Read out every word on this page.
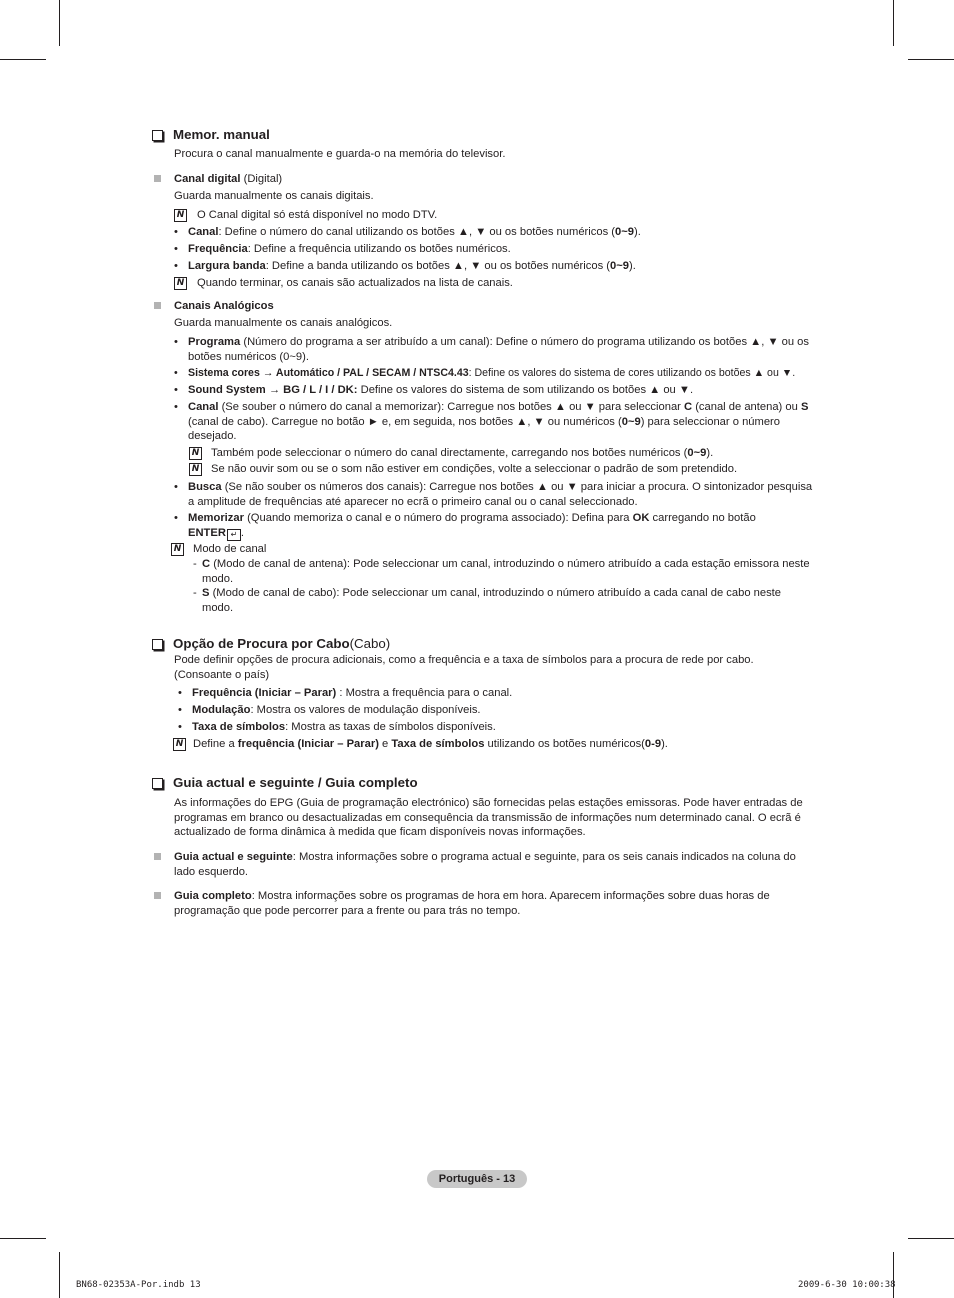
Memor. manual
Procura o canal manualmente e guarda-o na memória do televisor.
Canal digital (Digital)
Guarda manualmente os canais digitais.
N O Canal digital só está disponível no modo DTV.
• Canal: Define o número do canal utilizando os botões ▲, ▼ ou os botões numéricos (0~9).
• Frequência: Define a frequência utilizando os botões numéricos.
• Largura banda: Define a banda utilizando os botões ▲, ▼ ou os botões numéricos (0~9).
N Quando terminar, os canais são actualizados na lista de canais.
Canais Analógicos
Guarda manualmente os canais analógicos.
• Programa (Número do programa a ser atribuído a um canal): Define o número do programa utilizando os botões ▲, ▼ ou os botões numéricos (0~9).
• Sistema cores → Automático / PAL / SECAM / NTSC4.43: Define os valores do sistema de cores utilizando os botões ▲ ou ▼.
• Sound System → BG / L / I / DK: Define os valores do sistema de som utilizando os botões ▲ ou ▼.
• Canal (Se souber o número do canal a memorizar): Carregue nos botões ▲ ou ▼ para seleccionar C (canal de antena) ou S (canal de cabo). Carregue no botão ► e, em seguida, nos botões ▲, ▼ ou numéricos (0~9) para seleccionar o número desejado.
N Também pode seleccionar o número do canal directamente, carregando nos botões numéricos (0~9).
N Se não ouvir som ou se o som não estiver em condições, volte a seleccionar o padrão de som pretendido.
• Busca (Se não souber os números dos canais): Carregue nos botões ▲ ou ▼ para iniciar a procura. O sintonizador pesquisa a amplitude de frequências até aparecer no ecrã o primeiro canal ou o canal seleccionado.
• Memorizar (Quando memoriza o canal e o número do programa associado): Defina para OK carregando no botão
ENTER ↵ .
N Modo de canal
- C (Modo de canal de antena): Pode seleccionar um canal, introduzindo o número atribuído a cada estação emissora neste modo.
- S (Modo de canal de cabo): Pode seleccionar um canal, introduzindo o número atribuído a cada canal de cabo neste modo.
Opção de Procura por Cabo (Cabo)
Pode definir opções de procura adicionais, como a frequência e a taxa de símbolos para a procura de rede por cabo.(Consoante o país)
• Frequência (Iniciar – Parar) : Mostra a frequência para o canal.
• Modulação: Mostra os valores de modulação disponíveis.
• Taxa de símbolos: Mostra as taxas de símbolos disponíveis.
N Define a frequência (Iniciar – Parar) e Taxa de símbolos utilizando os botões numéricos(0-9).
Guia actual e seguinte / Guia completo
As informações do EPG (Guia de programação electrónico) são fornecidas pelas estações emissoras. Pode haver entradas de programas em branco ou desactualizadas em consequência da transmissão de informações num determinado canal. O ecrã é actualizado de forma dinâmica à medida que ficam disponíveis novas informações.
Guia actual e seguinte: Mostra informações sobre o programa actual e seguinte, para os seis canais indicados na coluna do lado esquerdo.
Guia completo: Mostra informações sobre os programas de hora em hora. Aparecem informações sobre duas horas de programação que pode percorrer para a frente ou para trás no tempo.
Português - 13
BN68-02353A-Por.indb 13	2009-6-30 10:00:38
